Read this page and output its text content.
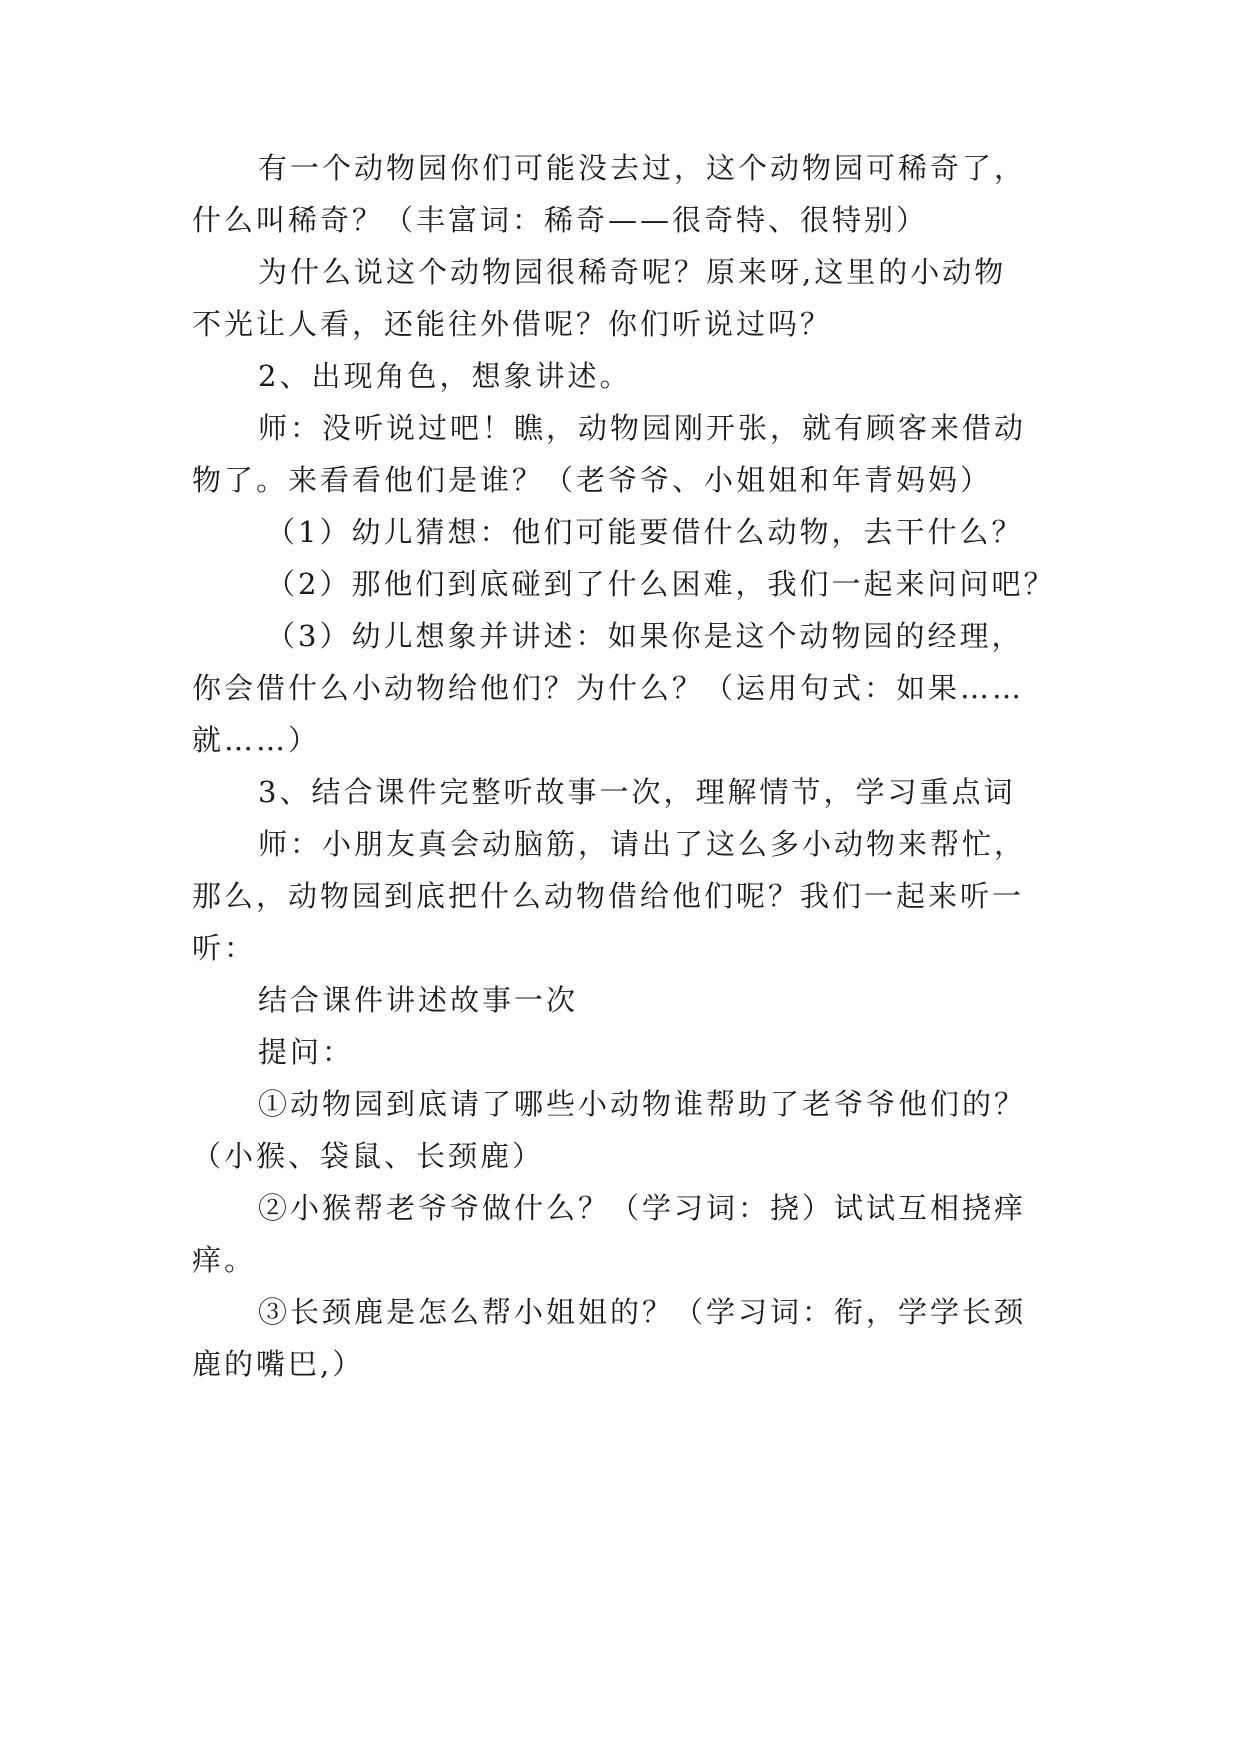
有一个动物园你们可能没去过，这个动物园可稀奇了，
什么叫稀奇？（丰富词：稀奇——很奇特、很特别）
为什么说这个动物园很稀奇呢？原来呀,这里的小动物
不光让人看，还能往外借呢？你们听说过吗？
2、出现角色，想象讲述。
师：没听说过吧！瞧，动物园刚开张，就有顾客来借动
物了。来看看他们是谁？（老爷爷、小姐姐和年青妈妈）
（1）幼儿猜想：他们可能要借什么动物，去干什么？
（2）那他们到底碰到了什么困难，我们一起来问问吧？
（3）幼儿想象并讲述：如果你是这个动物园的经理，
你会借什么小动物给他们？为什么？（运用句式：如果……
就……）
3、结合课件完整听故事一次，理解情节，学习重点词
师：小朋友真会动脑筋，请出了这么多小动物来帮忙，
那么，动物园到底把什么动物借给他们呢？我们一起来听一
听：
结合课件讲述故事一次
提问：
①动物园到底请了哪些小动物谁帮助了老爷爷他们的？
（小猴、袋鼠、长颈鹿）
②小猴帮老爷爷做什么？（学习词：挠）试试互相挠痒
痒。
③长颈鹿是怎么帮小姐姐的？（学习词：衔，学学长颈
鹿的嘴巴,）
